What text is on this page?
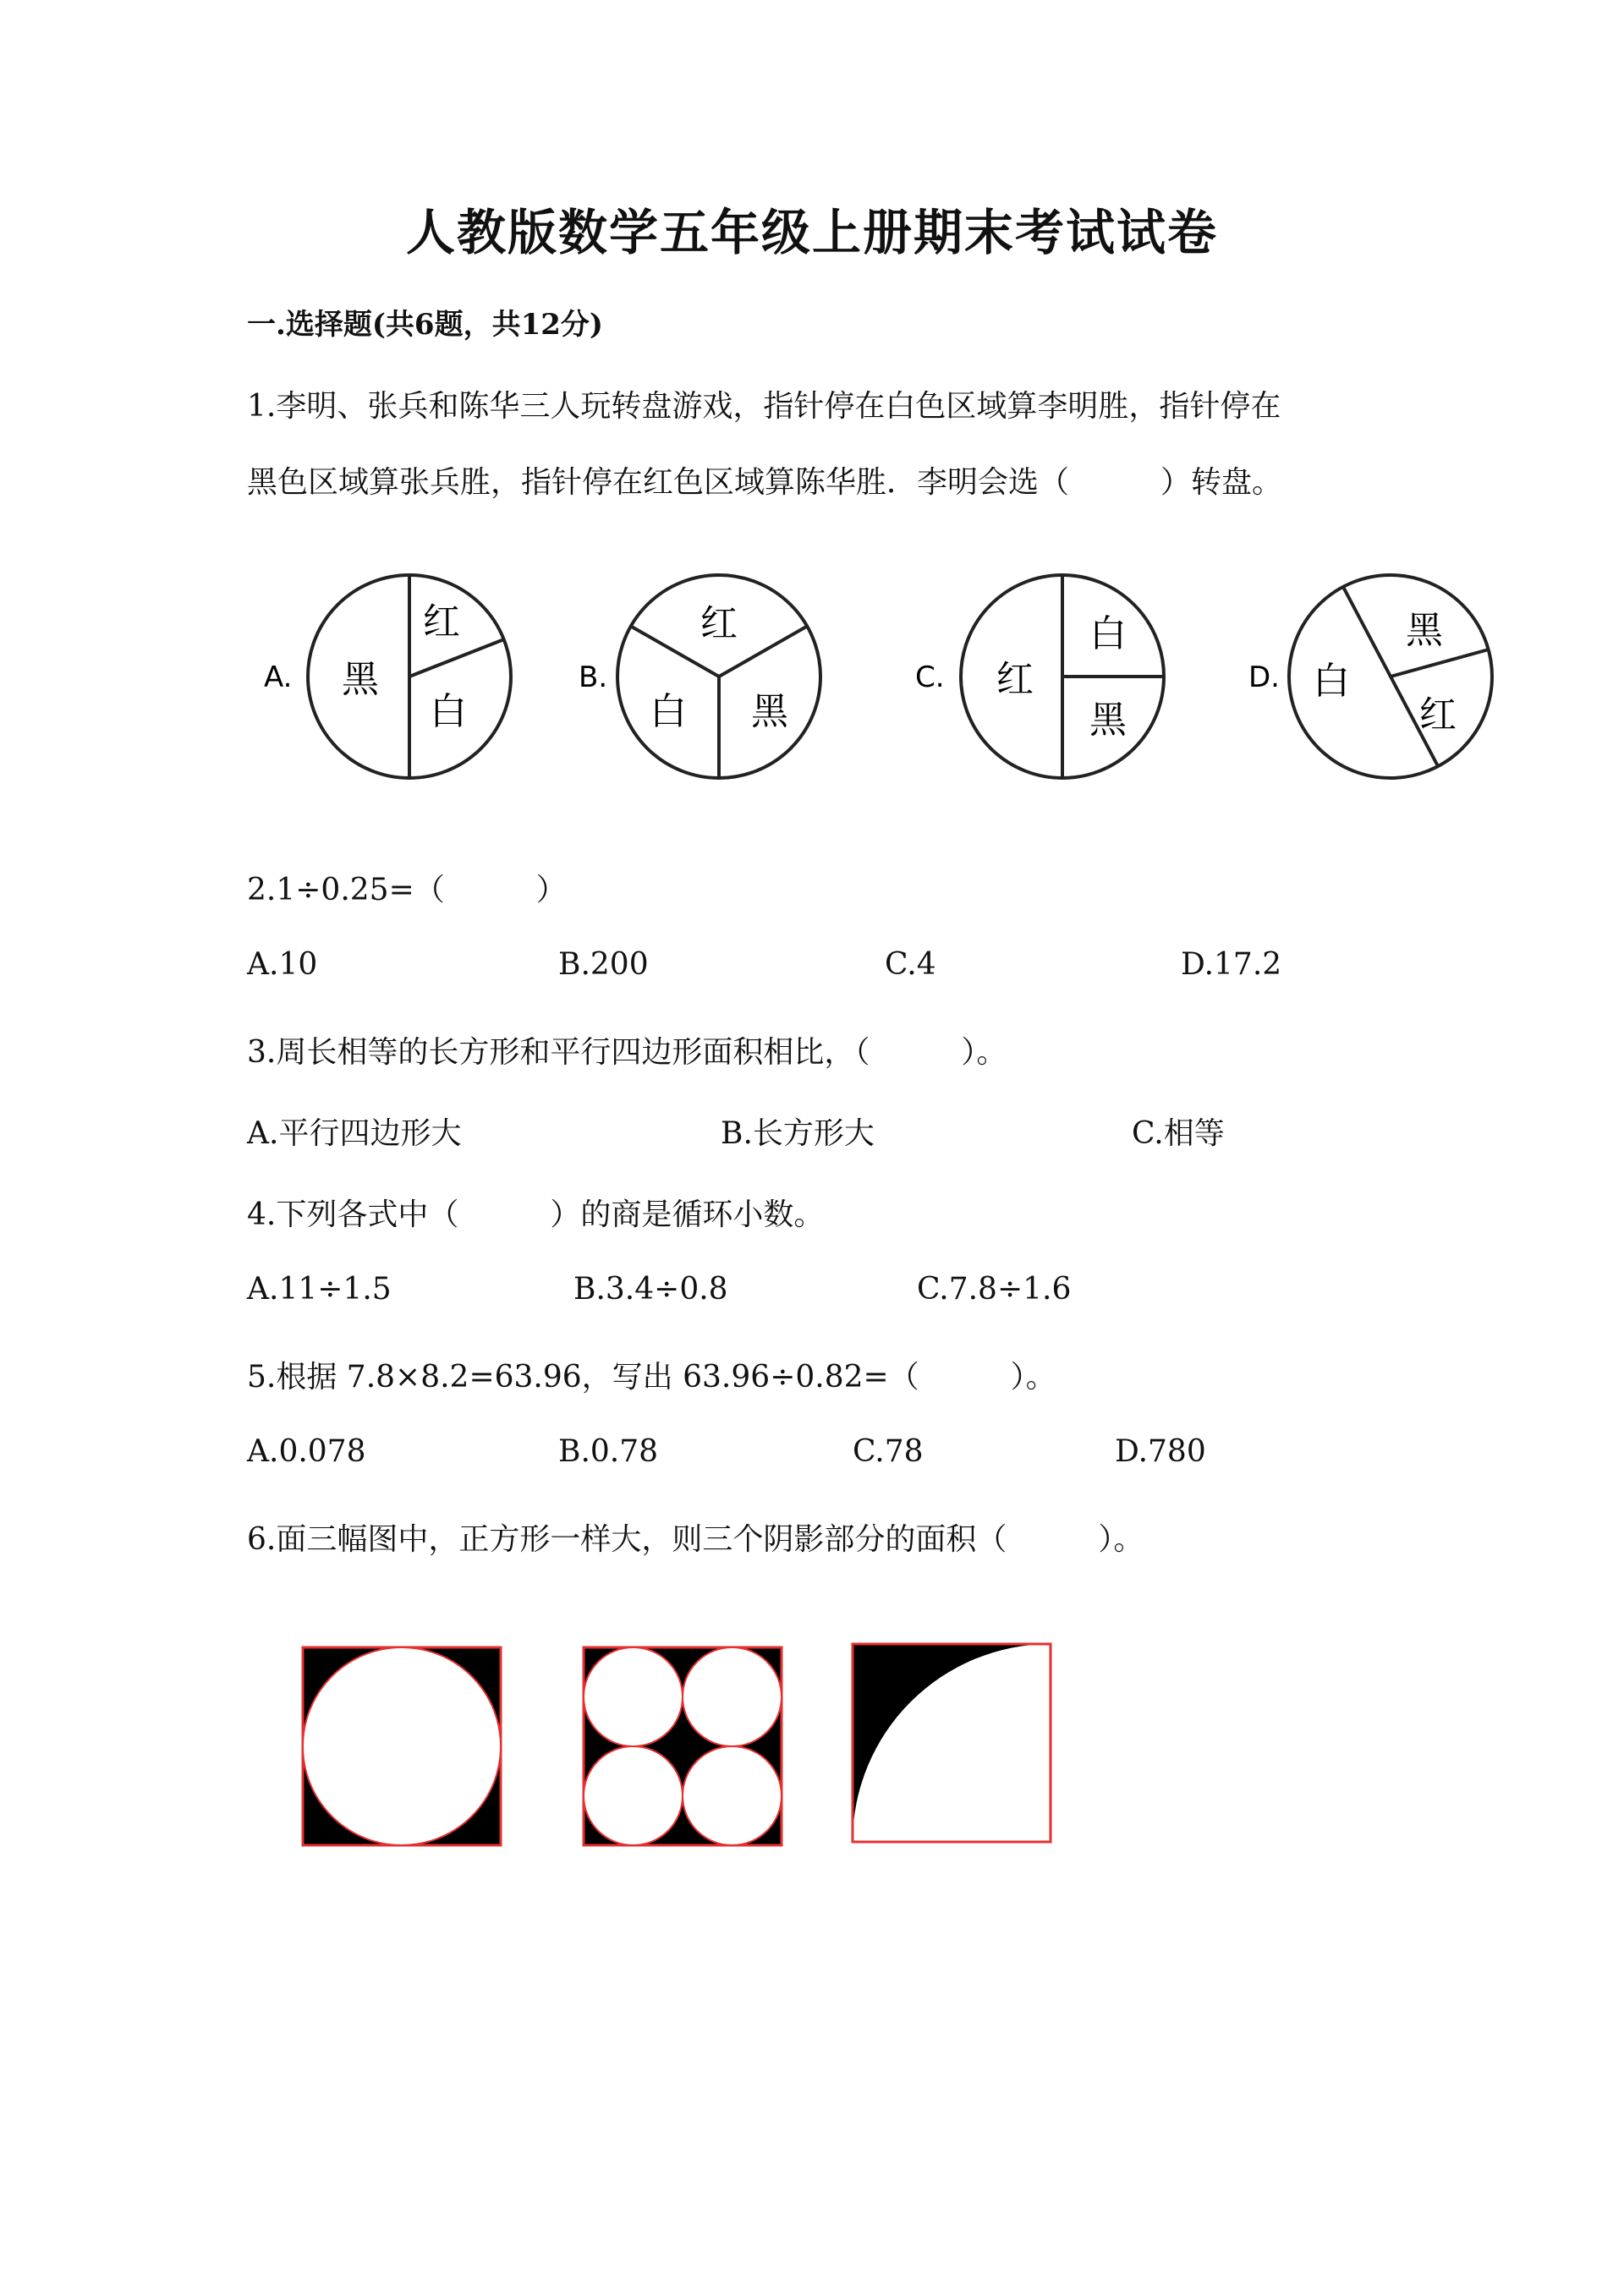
人教版数学五年级上册期末考试试卷
一.选择题(共6题，共12分)
1.李明、张兵和陈华三人玩转盘游戏，指针停在白色区域算李明胜，指针停在
黑色区域算张兵胜，指针停在红色区域算陈华胜．李明会选（　　　）转盘。
A. 黑
红
白
B.
红
白 黑
C. 红
白
黑
D. 白
黑
红
2.1÷0.25=（　　　）
A.10	B.200	C.4	D.17.2
3.周长相等的长方形和平行四边形面积相比，（　　　）。
A.平行四边形大	B.长方形大	C.相等
4.下列各式中（　　　）的商是循环小数。
A.11÷1.5	B.3.4÷0.8	C.7.8÷1.6
5.根据 7.8×8.2=63.96，写出 63.96÷0.82=（　　　）。
A.0.078	B.0.78	C.78	D.780
6.面三幅图中，正方形一样大，则三个阴影部分的面积（　　　）。
